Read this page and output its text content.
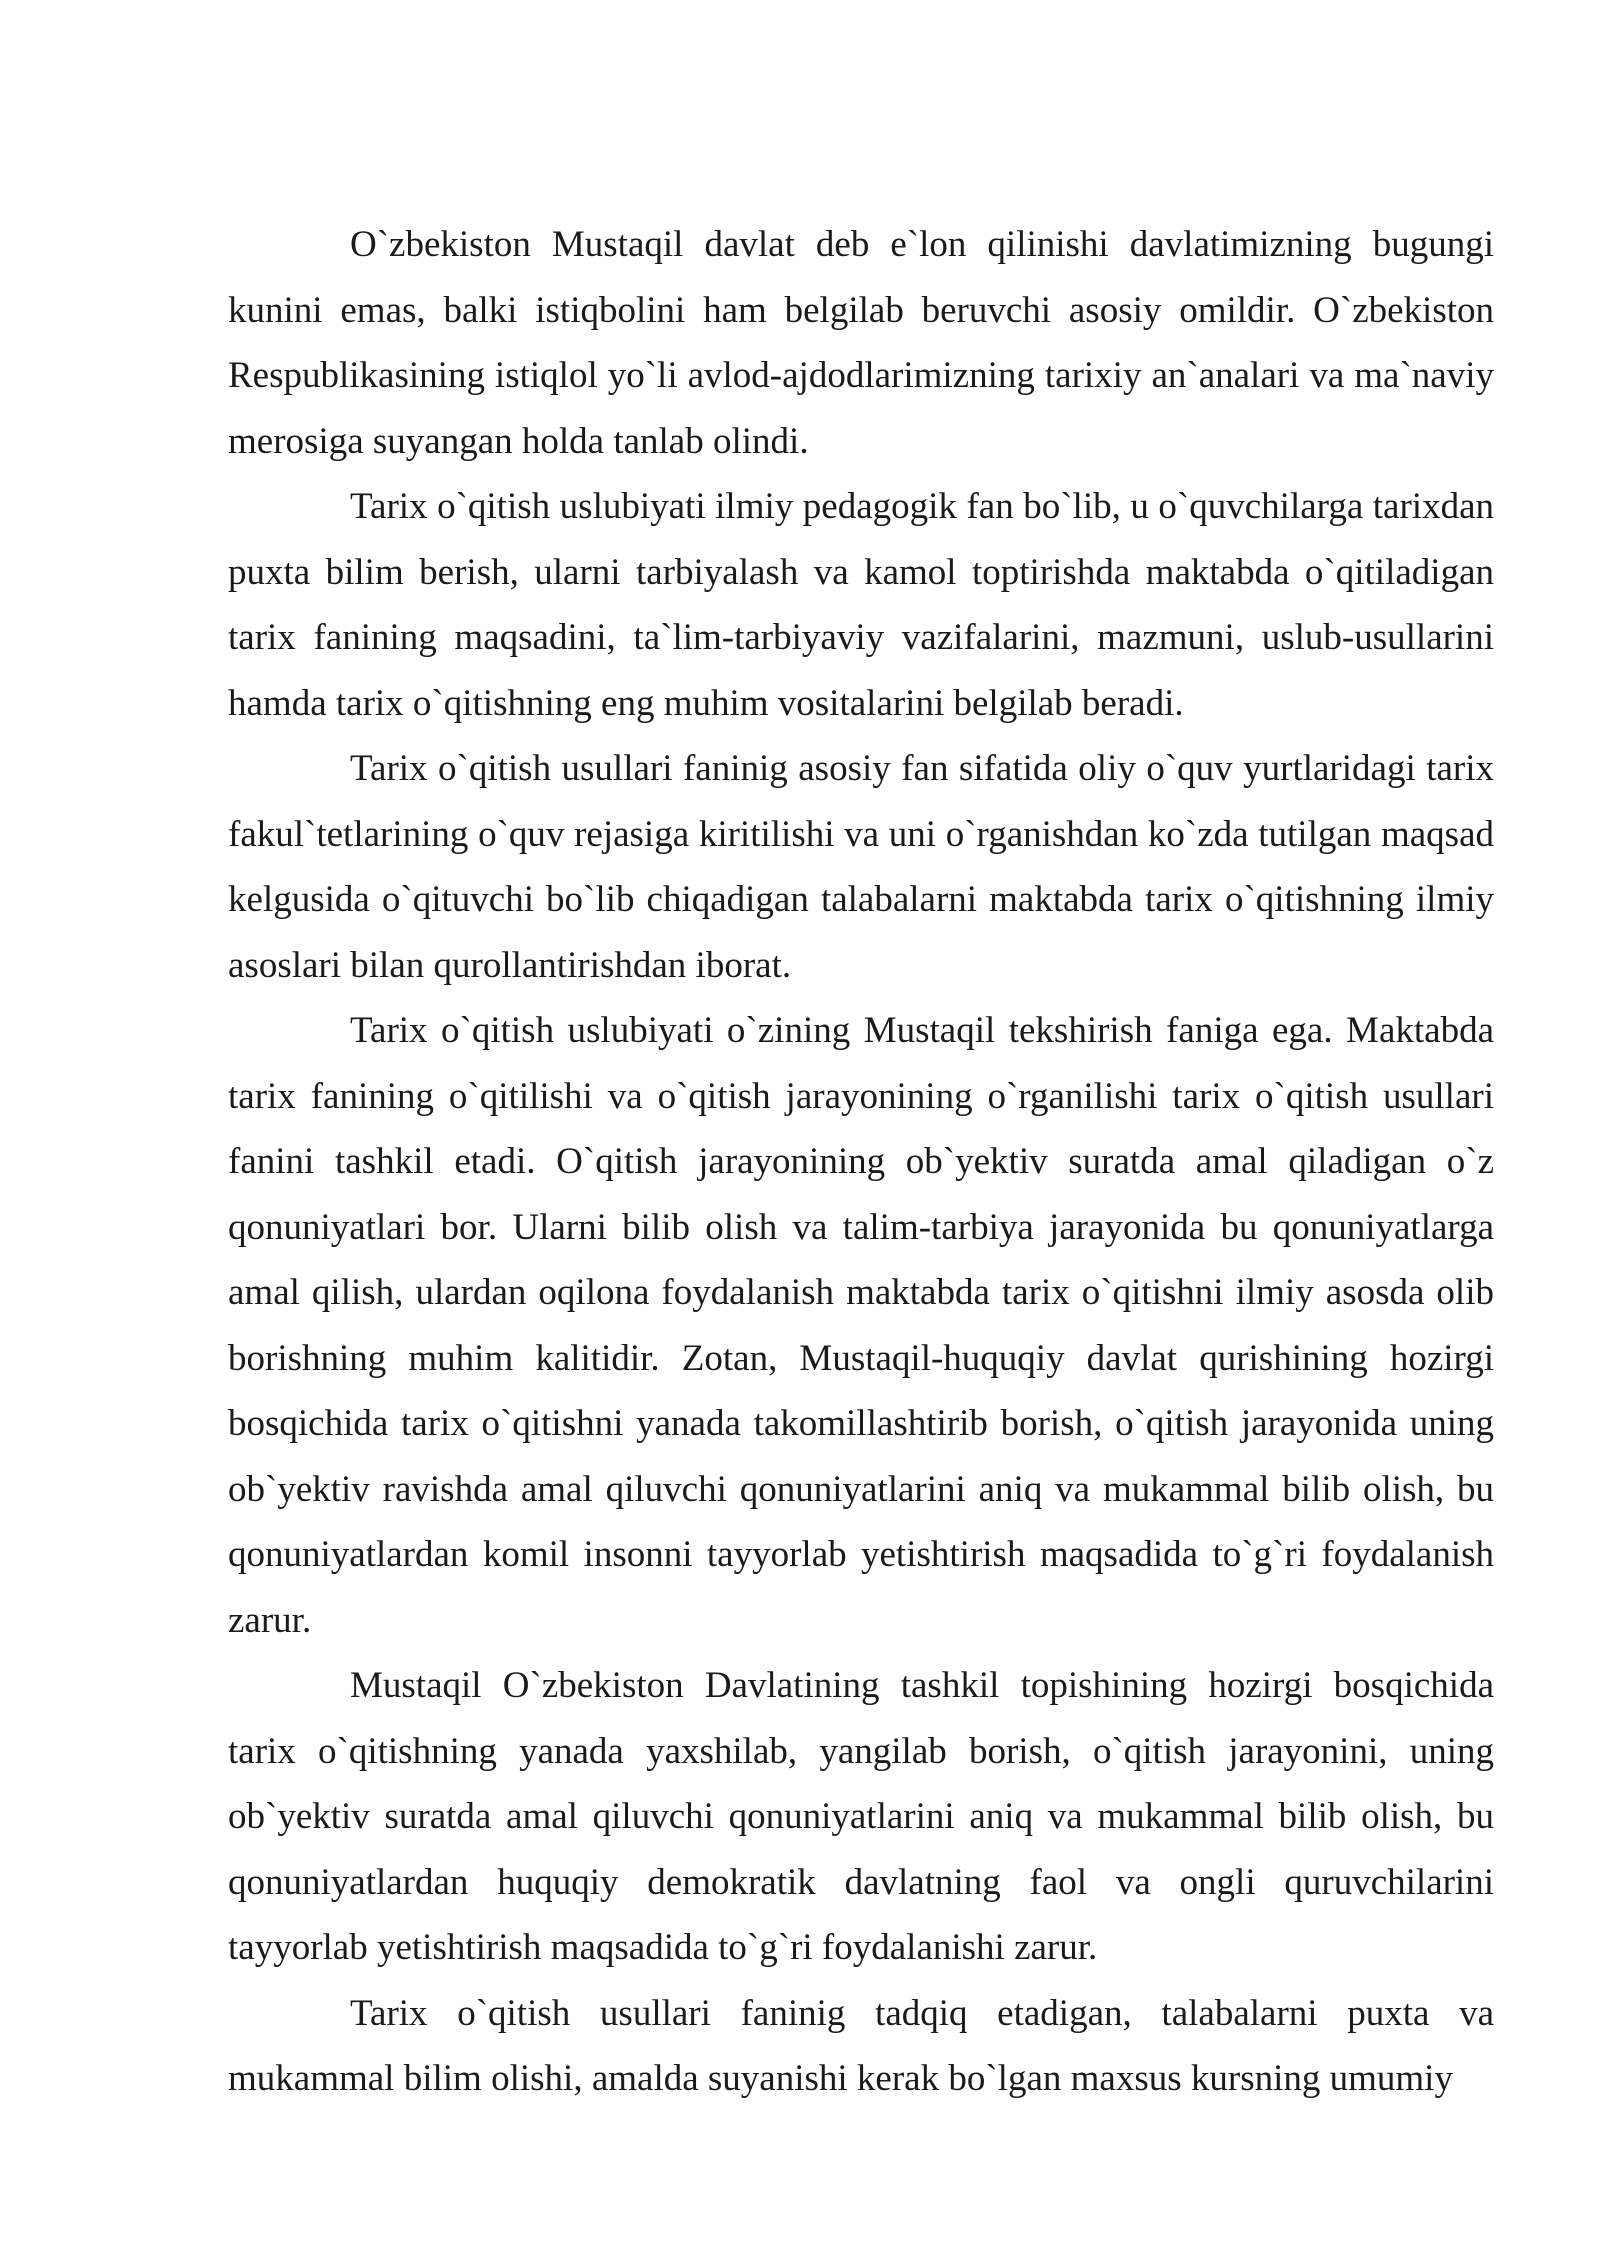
O`zbekiston Mustaqil davlat deb e`lon qilinishi davlatimizning bugungi kunini emas, balki istiqbolini ham belgilab beruvchi asosiy omildir. O`zbekiston Respublikasining istiqlol yo`li avlod-ajdodlarimizning tarixiy an`analari va ma`naviy merosiga suyangan holda tanlab olindi.

Tarix o`qitish uslubiyati ilmiy pedagogik fan bo`lib, u o`quvchilarga tarixdan puxta bilim berish, ularni tarbiyalash va kamol toptirishda maktabda o`qitiladigan tarix fanining maqsadini, ta`lim-tarbiyaviy vazifalarini, mazmuni, uslub-usullarini hamda tarix o`qitishning eng muhim vositalarini belgilab beradi.

Tarix o`qitish usullari faninig asosiy fan sifatida oliy o`quv yurtlaridagi tarix fakul`tetlarining o`quv rejasiga kiritilishi va uni o`rganishdan ko`zda tutilgan maqsad kelgusida o`qituvchi bo`lib chiqadigan talabalarni maktabda tarix o`qitishning ilmiy asoslari bilan qurollantirishdan iborat.

Tarix o`qitish uslubiyati o`zining Mustaqil tekshirish faniga ega. Maktabda tarix fanining o`qitilishi va o`qitish jarayonining o`rganilishi tarix o`qitish usullari fanini tashkil etadi. O`qitish jarayonining ob`yektiv suratda amal qiladigan o`z qonuniyatlari bor. Ularni bilib olish va talim-tarbiya jarayonida bu qonuniyatlarga amal qilish, ulardan oqilona foydalanish maktabda tarix o`qitishni ilmiy asosda olib borishning muhim kalitidir. Zotan, Mustaqil-huquqiy davlat qurishining hozirgi bosqichida tarix o`qitishni yanada takomillashtirib borish, o`qitish jarayonida uning ob`yektiv ravishda amal qiluvchi qonuniyatlarini aniq va mukammal bilib olish, bu qonuniyatlardan komil insonni tayyorlab yetishtirish maqsadida to`g`ri foydalanish zarur.

Mustaqil O`zbekiston Davlatining tashkil topishining hozirgi bosqichida tarix o`qitishning yanada yaxshilab, yangilab borish, o`qitish jarayonini, uning ob`yektiv suratda amal qiluvchi qonuniyatlarini aniq va mukammal bilib olish, bu qonuniyatlardan huquqiy demokratik davlatning faol va ongli quruvchilarini tayyorlab yetishtirish maqsadida to`g`ri foydalanishi zarur.

Tarix o`qitish usullari faninig tadqiq etadigan, talabalarni puxta va mukammal bilim olishi, amalda suyanishi kerak bo`lgan maxsus kursning umumiy
